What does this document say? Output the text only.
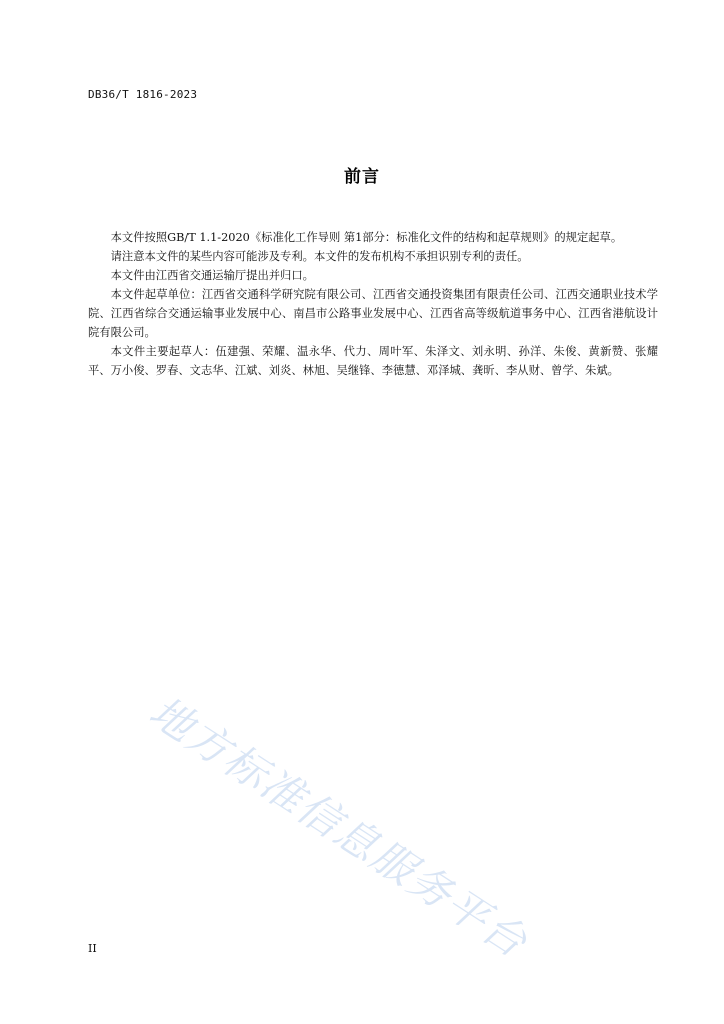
DB36/T 1816-2023
前言

本文件按照GB/T 1.1-2020《标准化工作导则 第1部分：标准化文件的结构和起草规则》的规定起草。

请注意本文件的某些内容可能涉及专利。本文件的发布机构不承担识别专利的责任。

本文件由江西省交通运输厅提出并归口。

本文件起草单位：江西省交通科学研究院有限公司、江西省交通投资集团有限责任公司、江西交通职业技术学院、江西省综合交通运输事业发展中心、南昌市公路事业发展中心、江西省高等级航道事务中心、江西省港航设计院有限公司。

本文件主要起草人：伍建强、荣耀、温永华、代力、周叶军、朱泽文、刘永明、孙洋、朱俊、黄新赞、张耀平、万小俊、罗春、文志华、江斌、刘炎、林旭、吴继锋、李德慧、邓泽城、龚昕、李从财、曾学、朱斌。

地方标准信息服务平台
II
